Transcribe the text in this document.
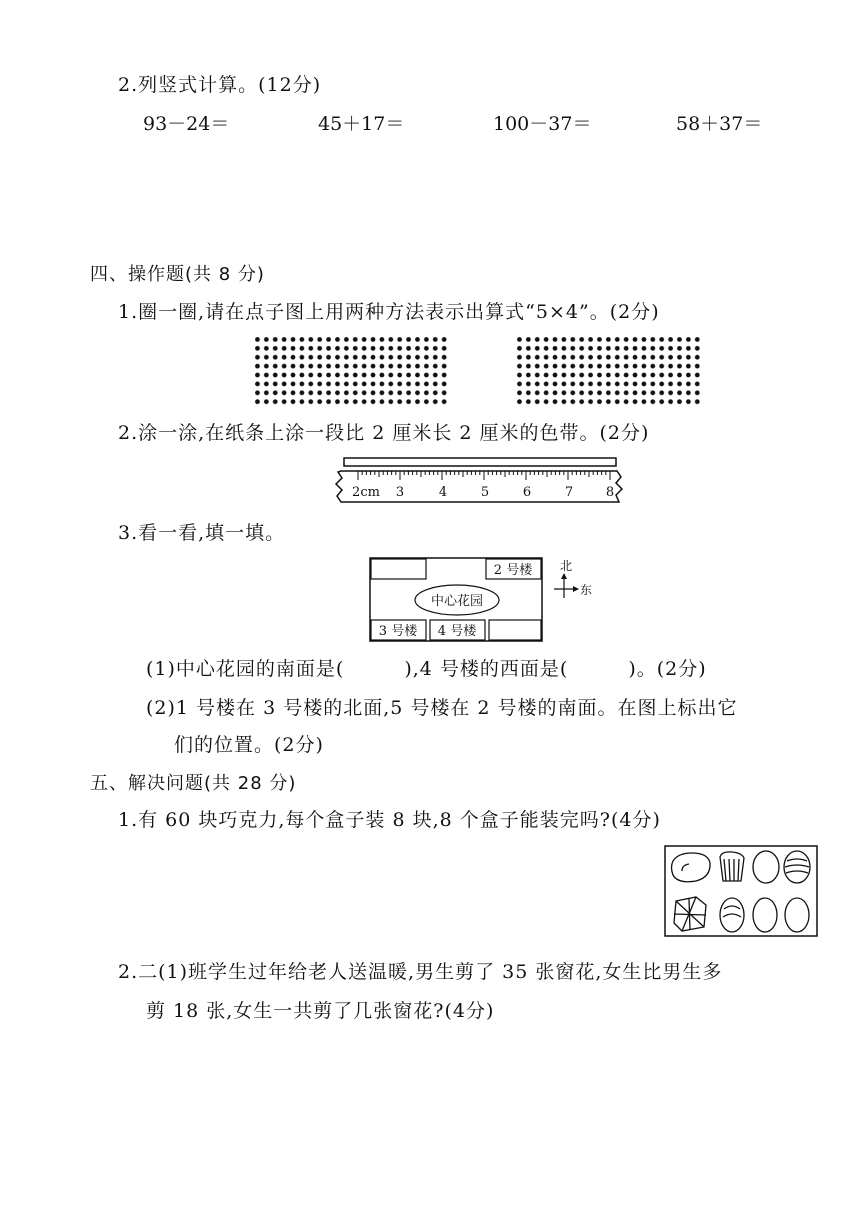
2.列竖式计算。(12分)
93－24＝	45＋17＝	100－37＝	58＋37＝
四、操作题(共 8 分)
1.圈一圈,请在点子图上用两种方法表示出算式“5×4”。(2分)
2.涂一涂,在纸条上涂一段比 2 厘米长 2 厘米的色带。(2分)
2cm 3	4	5	6	7	8
3.看一看,填一填。
中心花园
2 号楼
3 号楼 4 号楼
北
东
(1)中心花园的南面是(　　　),4 号楼的西面是(　　　)。(2分)
(2)1 号楼在 3 号楼的北面,5 号楼在 2 号楼的南面。在图上标出它
们的位置。(2分)
五、解决问题(共 28 分)
1.有 60 块巧克力,每个盒子装 8 块,8 个盒子能装完吗?(4分)
2.二(1)班学生过年给老人送温暖,男生剪了 35 张窗花,女生比男生多
剪 18 张,女生一共剪了几张窗花?(4分)
